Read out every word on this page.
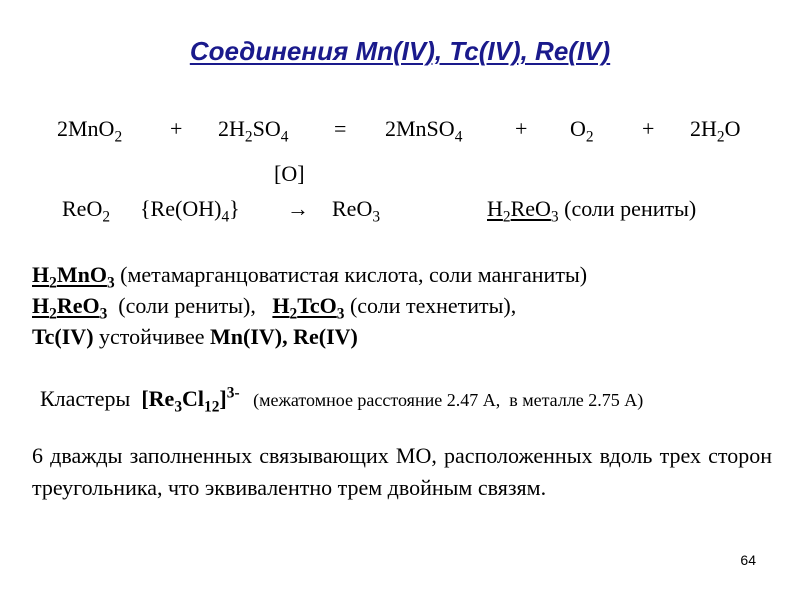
Соединения Mn(IV), Tc(IV), Re(IV)
$2MnO_2 + 2H_2SO_4$ = 2MnSO$_4$ + $O_2 + 2H_2O$
[O]
ReO$_2$ $\{Re(OH)_4\} \to ReO_3$	$H_2ReO_3$ (соли рениты)
$H_2MnO_3$ (метамарганцоватистая кислота, соли манганиты)
$H_2ReO_3$  (соли рениты),   $H_2TcO_3$ (соли технетиты),
Tc(IV) устойчивее Mn(IV), Re(IV)
Кластеры  $[Re_3Cl_{12}]^{3-}$   (межатомное расстояние 2.47 А,  в металле 2.75 А)
6 дважды заполненных связывающих МО, расположенных вдоль трех сторон треугольника, что эквивалентно трем двойным связям.
64
